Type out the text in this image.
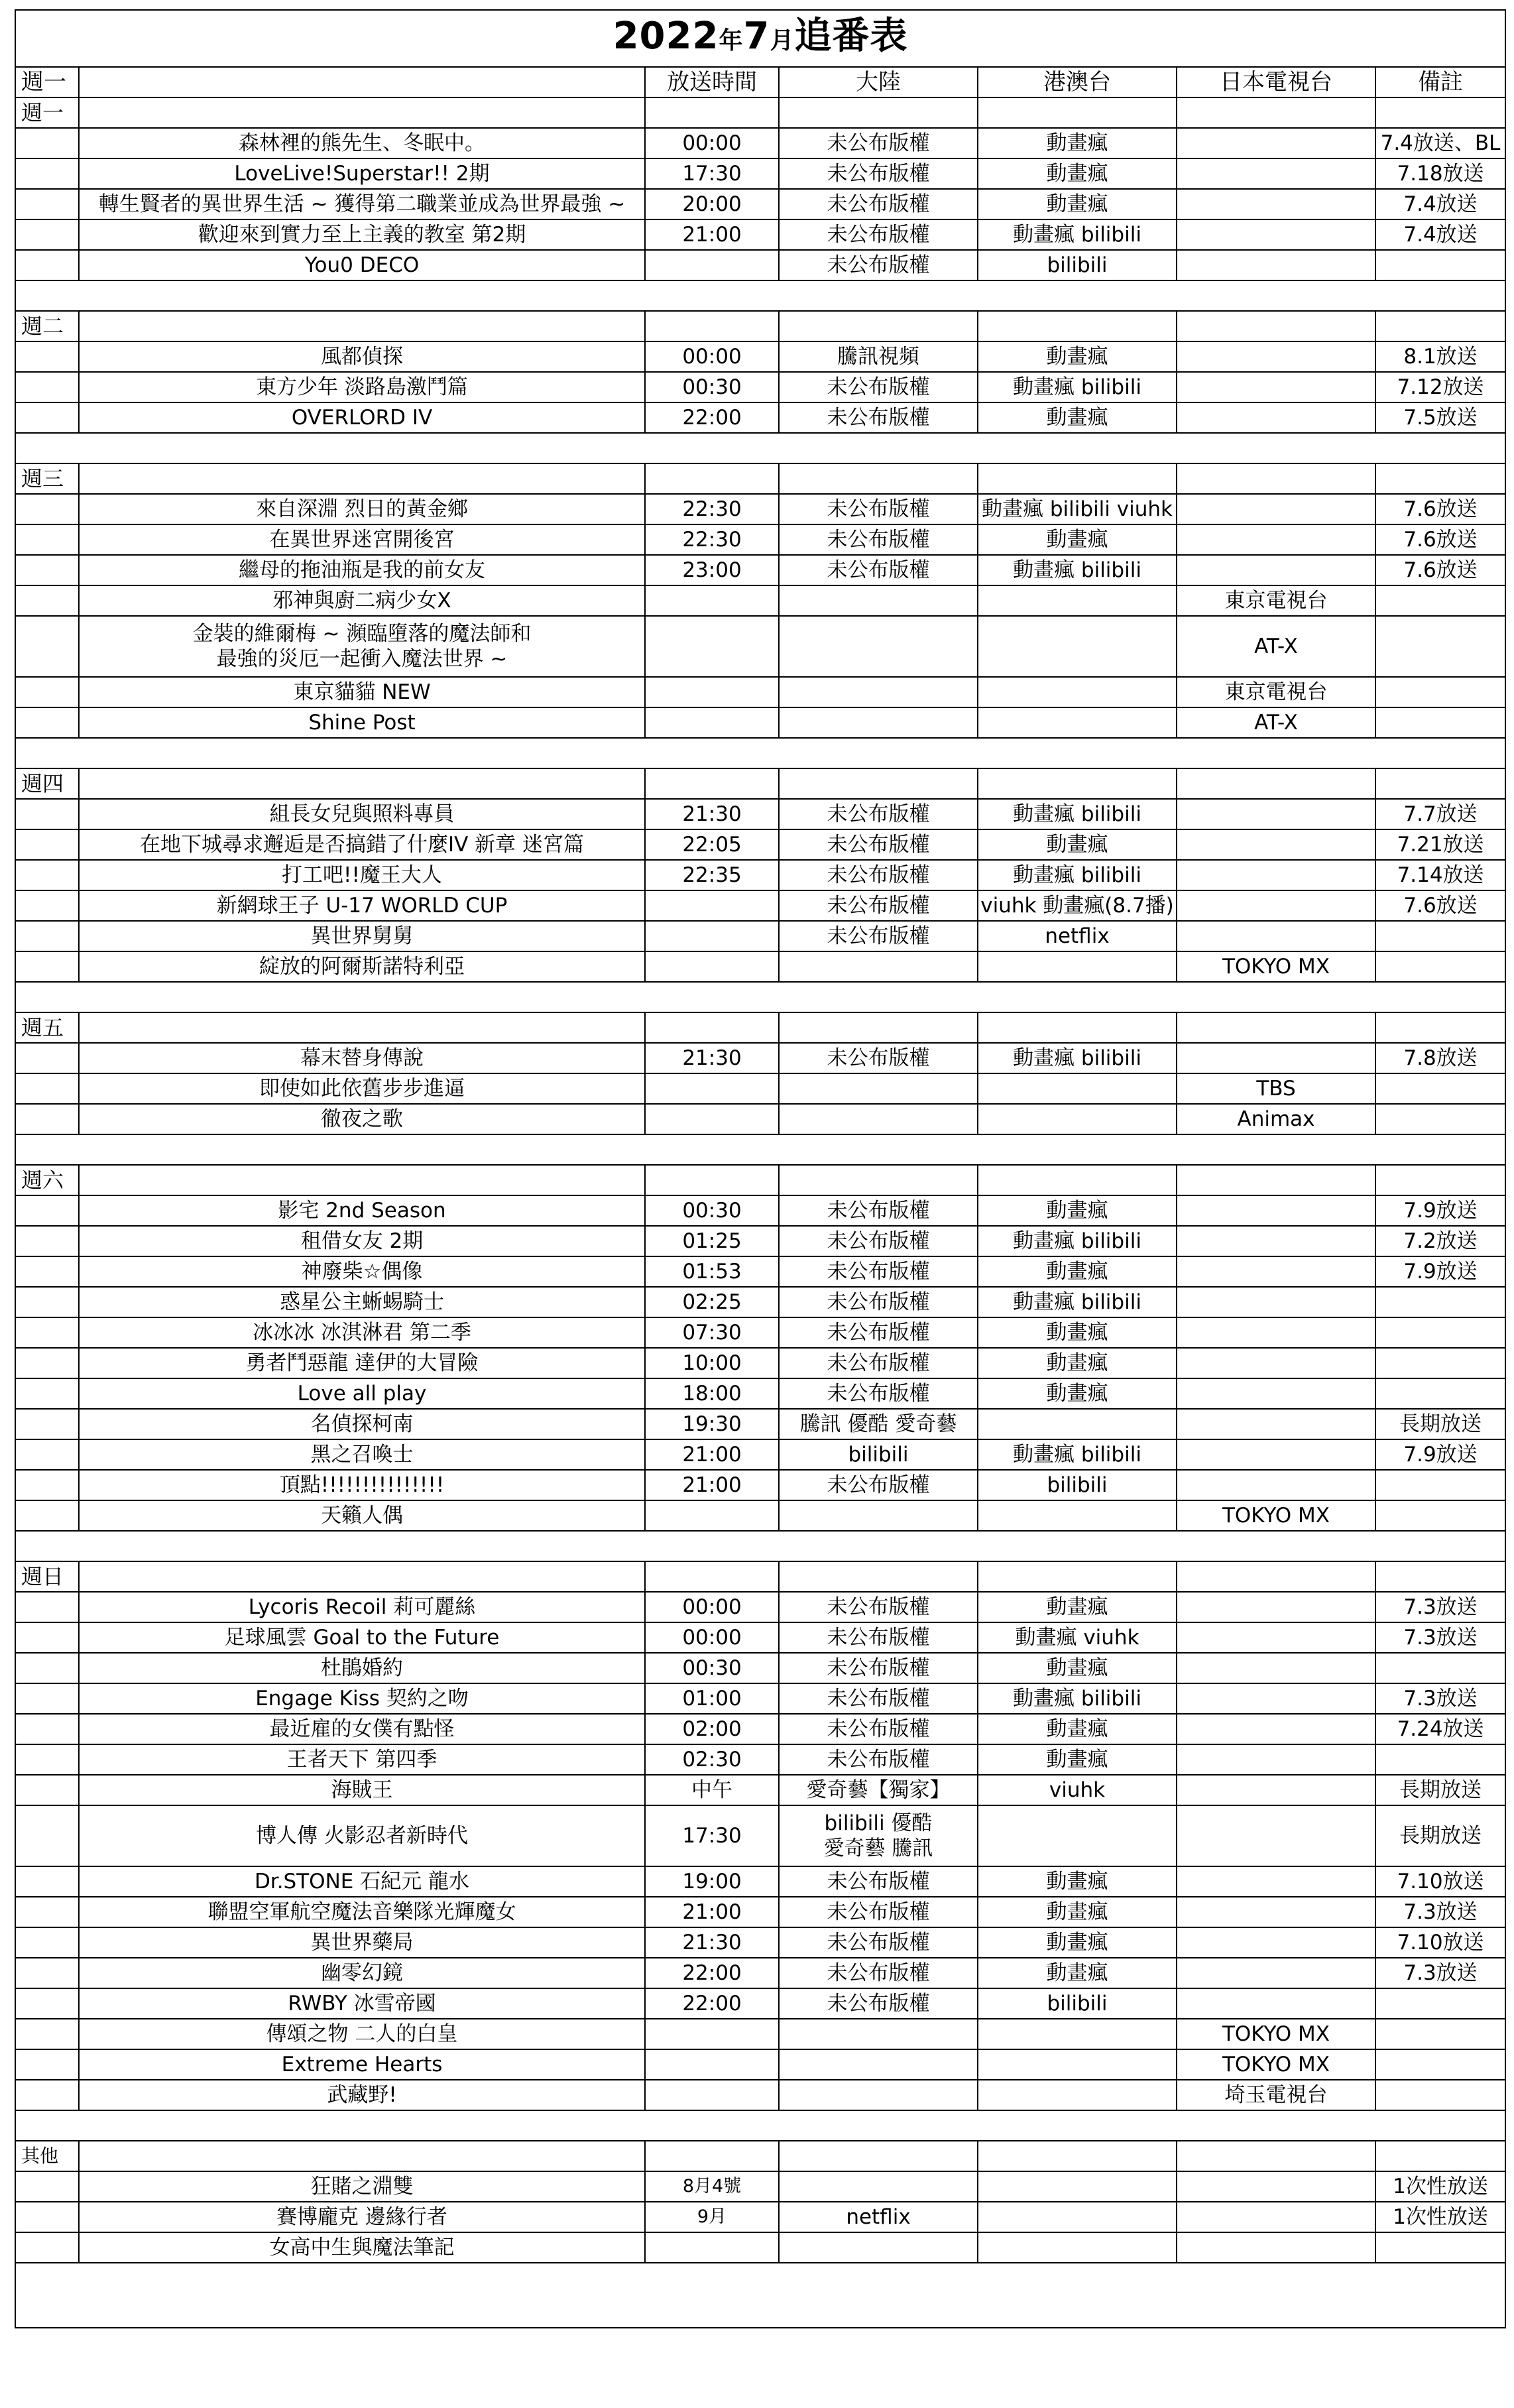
2022年7月追番表						
週一		放送時間	大陸	港澳台	日本電視台	備註
週一						
	森林裡的熊先生、冬眠中。	00:00	未公布版權	動畫瘋		7.4放送、BL
	LoveLive!Superstar!! 2期	17:30	未公布版權	動畫瘋		7.18放送
	轉生賢者的異世界生活 ~ 獲得第二職業並成為世界最強 ~	20:00	未公布版權	動畫瘋		7.4放送
	歡迎來到實力至上主義的教室 第2期	21:00	未公布版權	動畫瘋 bilibili		7.4放送
	You0 DECO		未公布版權	bilibili		

週二						
	風都偵探	00:00	騰訊視頻	動畫瘋		8.1放送
	東方少年 淡路島激鬥篇	00:30	未公布版權	動畫瘋 bilibili		7.12放送
	OVERLORD IV	22:00	未公布版權	動畫瘋		7.5放送

週三						
	來自深淵 烈日的黃金鄉	22:30	未公布版權	動畫瘋 bilibili viuhk		7.6放送
	在異世界迷宮開後宮	22:30	未公布版權	動畫瘋		7.6放送
	繼母的拖油瓶是我的前女友	23:00	未公布版權	動畫瘋 bilibili		7.6放送
	邪神與廚二病少女X				東京電視台	

	金裝的維爾梅 ~ 瀕臨墮落的魔法師和
最強的災厄一起衝入魔法世界 ~				AT-X	
	東京貓貓 NEW				東京電視台	
	Shine Post				AT-X	

週四						
	組長女兒與照料專員	21:30	未公布版權	動畫瘋 bilibili		7.7放送
	在地下城尋求邂逅是否搞錯了什麼IV 新章 迷宮篇	22:05	未公布版權	動畫瘋		7.21放送
	打工吧!!魔王大人	22:35	未公布版權	動畫瘋 bilibili		7.14放送
	新網球王子 U-17 WORLD CUP		未公布版權	viuhk 動畫瘋(8.7播)		7.6放送
	異世界舅舅		未公布版權	netflix		
	綻放的阿爾斯諾特利亞				TOKYO MX	

週五						
	幕末替身傳說	21:30	未公布版權	動畫瘋 bilibili		7.8放送
	即使如此依舊步步進逼				TBS	
	徹夜之歌				Animax	

週六						
	影宅 2nd Season	00:30	未公布版權	動畫瘋		7.9放送
	租借女友 2期	01:25	未公布版權	動畫瘋 bilibili		7.2放送
	神廢柴☆偶像	01:53	未公布版權	動畫瘋		7.9放送
	惑星公主蜥蜴騎士	02:25	未公布版權	動畫瘋 bilibili		
	冰冰冰 冰淇淋君 第二季	07:30	未公布版權	動畫瘋		
	勇者鬥惡龍 達伊的大冒險	10:00	未公布版權	動畫瘋		
	Love all play	18:00	未公布版權	動畫瘋		
	名偵探柯南	19:30	騰訊 優酷 愛奇藝			長期放送
	黑之召喚士	21:00	bilibili	動畫瘋 bilibili		7.9放送
	頂點!!!!!!!!!!!!!!!	21:00	未公布版權	bilibili		
	天籟人偶				TOKYO MX	

週日						
	Lycoris Recoil 莉可麗絲	00:00	未公布版權	動畫瘋		7.3放送
	足球風雲 Goal to the Future	00:00	未公布版權	動畫瘋 viuhk		7.3放送
	杜鵑婚約	00:30	未公布版權	動畫瘋		
	Engage Kiss 契約之吻	01:00	未公布版權	動畫瘋 bilibili		7.3放送
	最近雇的女僕有點怪	02:00	未公布版權	動畫瘋		7.24放送
	王者天下 第四季	02:30	未公布版權	動畫瘋		
	海賊王	中午	愛奇藝【獨家】	viuhk		長期放送
	博人傳 火影忍者新時代	17:30	bilibili 優酷
愛奇藝 騰訊			長期放送
	Dr.STONE 石紀元 龍水	19:00	未公布版權	動畫瘋		7.10放送
	聯盟空軍航空魔法音樂隊光輝魔女	21:00	未公布版權	動畫瘋		7.3放送
	異世界藥局	21:30	未公布版權	動畫瘋		7.10放送
	幽零幻鏡	22:00	未公布版權	動畫瘋		7.3放送
	RWBY 冰雪帝國	22:00	未公布版權	bilibili		
	傳頌之物 二人的白皇				TOKYO MX	
	Extreme Hearts				TOKYO MX	
	武藏野!				埼玉電視台	

其他						
	狂賭之淵雙	8月4號				1次性放送
	賽博龐克 邊緣行者	9月	netflix			1次性放送
	女高中生與魔法筆記					
